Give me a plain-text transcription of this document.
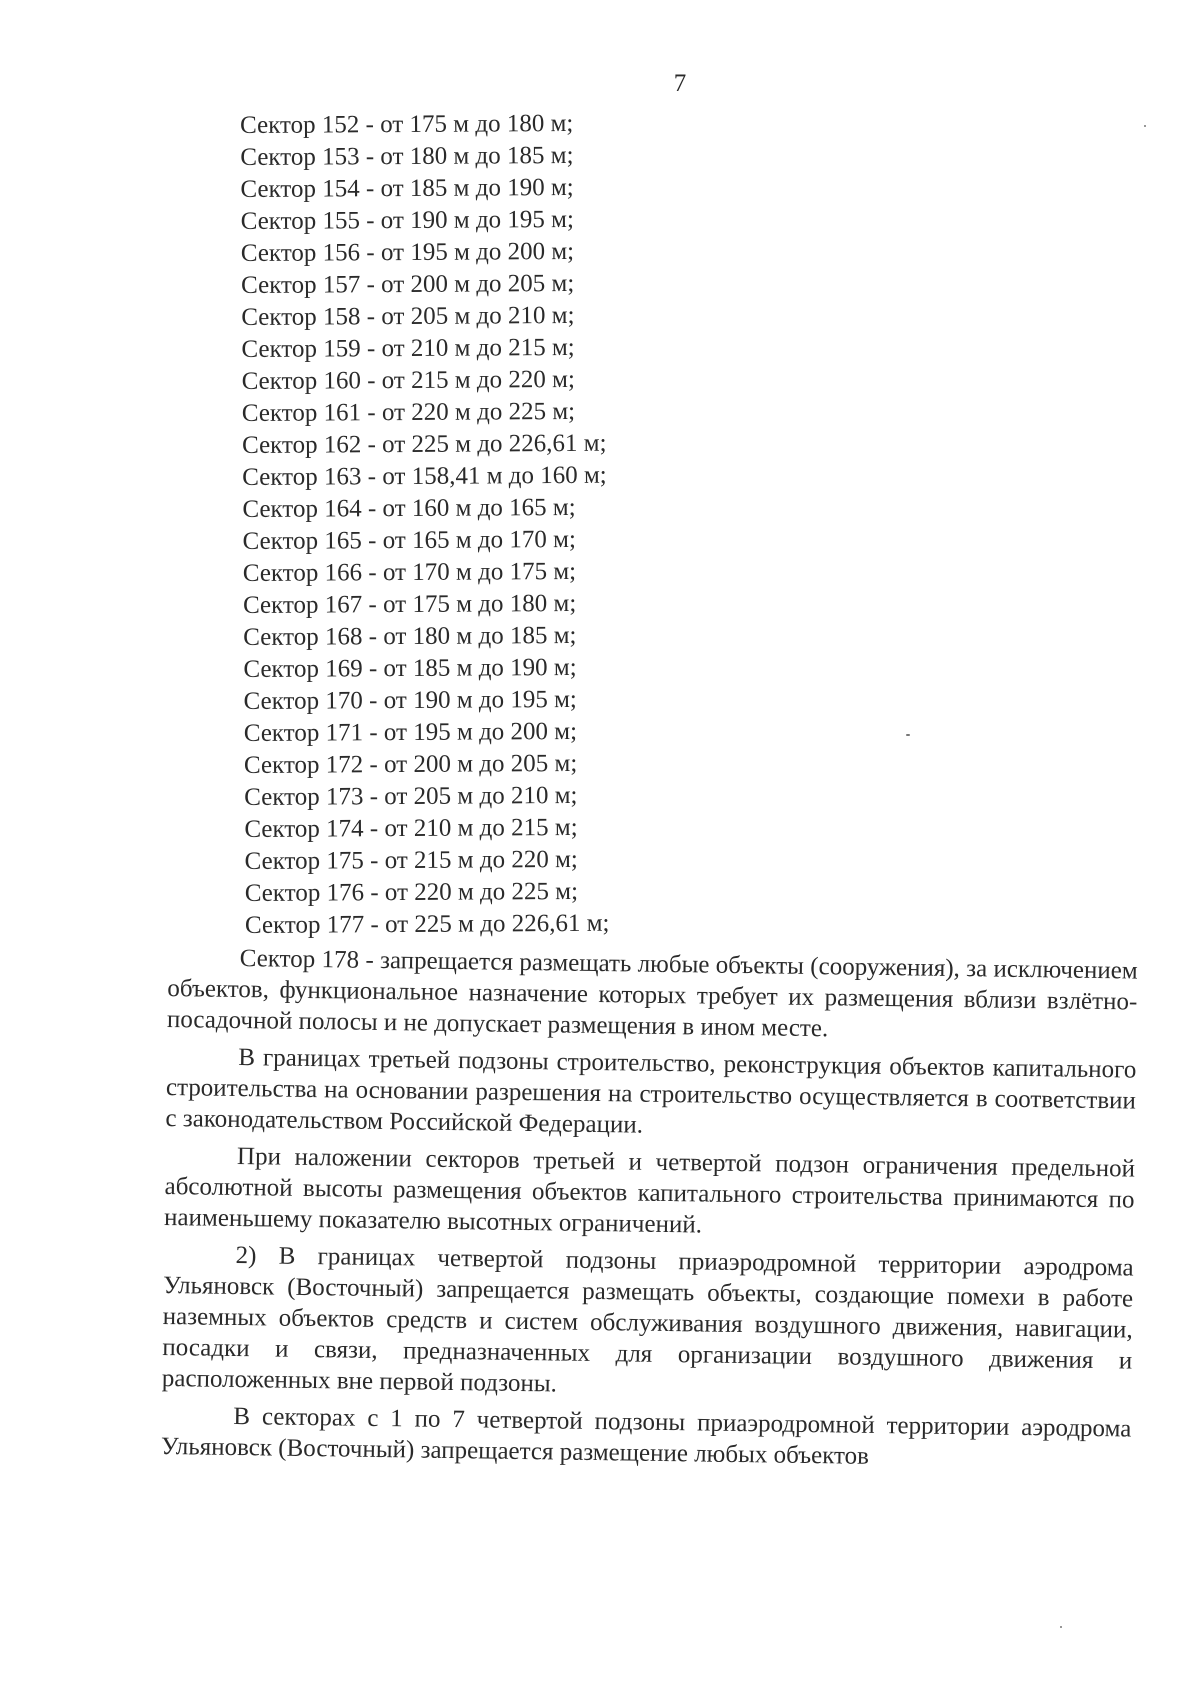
7
Сектор 152 - от 175 м до 180 м;
Сектор 153 - от 180 м до 185 м;
Сектор 154 - от 185 м до 190 м;
Сектор 155 - от 190 м до 195 м;
Сектор 156 - от 195 м до 200 м;
Сектор 157 - от 200 м до 205 м;
Сектор 158 - от 205 м до 210 м;
Сектор 159 - от 210 м до 215 м;
Сектор 160 - от 215 м до 220 м;
Сектор 161 - от 220 м до 225 м;
Сектор 162 - от 225 м до 226,61 м;
Сектор 163 - от 158,41 м до 160 м;
Сектор 164 - от 160 м до 165 м;
Сектор 165 - от 165 м до 170 м;
Сектор 166 - от 170 м до 175 м;
Сектор 167 - от 175 м до 180 м;
Сектор 168 - от 180 м до 185 м;
Сектор 169 - от 185 м до 190 м;
Сектор 170 - от 190 м до 195 м;
Сектор 171 - от 195 м до 200 м;
Сектор 172 - от 200 м до 205 м;
Сектор 173 - от 205 м до 210 м;
Сектор 174 - от 210 м до 215 м;
Сектор 175 - от 215 м до 220 м;
Сектор 176 - от 220 м до 225 м;
Сектор 177 - от 225 м до 226,61 м;

Сектор 178 - запрещается размещать любые объекты (сооружения), за исключением объектов, функциональное назначение которых требует их размещения вблизи взлётно-посадочной полосы и не допускает размещения в ином месте.

В границах третьей подзоны строительство, реконструкция объектов капитального строительства на основании разрешения на строительство осуществляется в соответствии с законодательством Российской Федерации.

При наложении секторов третьей и четвертой подзон ограничения предельной абсолютной высоты размещения объектов капитального строительства принимаются по наименьшему показателю высотных ограничений.

2) В границах четвертой подзоны приаэродромной территории аэродрома Ульяновск (Восточный) запрещается размещать объекты, создающие помехи в работе наземных объектов средств и систем обслуживания воздушного движения, навигации, посадки и связи, предназначенных для организации воздушного движения и расположенных вне первой подзоны.

В секторах с 1 по 7 четвертой подзоны приаэродромной территории аэродрома Ульяновск (Восточный) запрещается размещение любых объектов
